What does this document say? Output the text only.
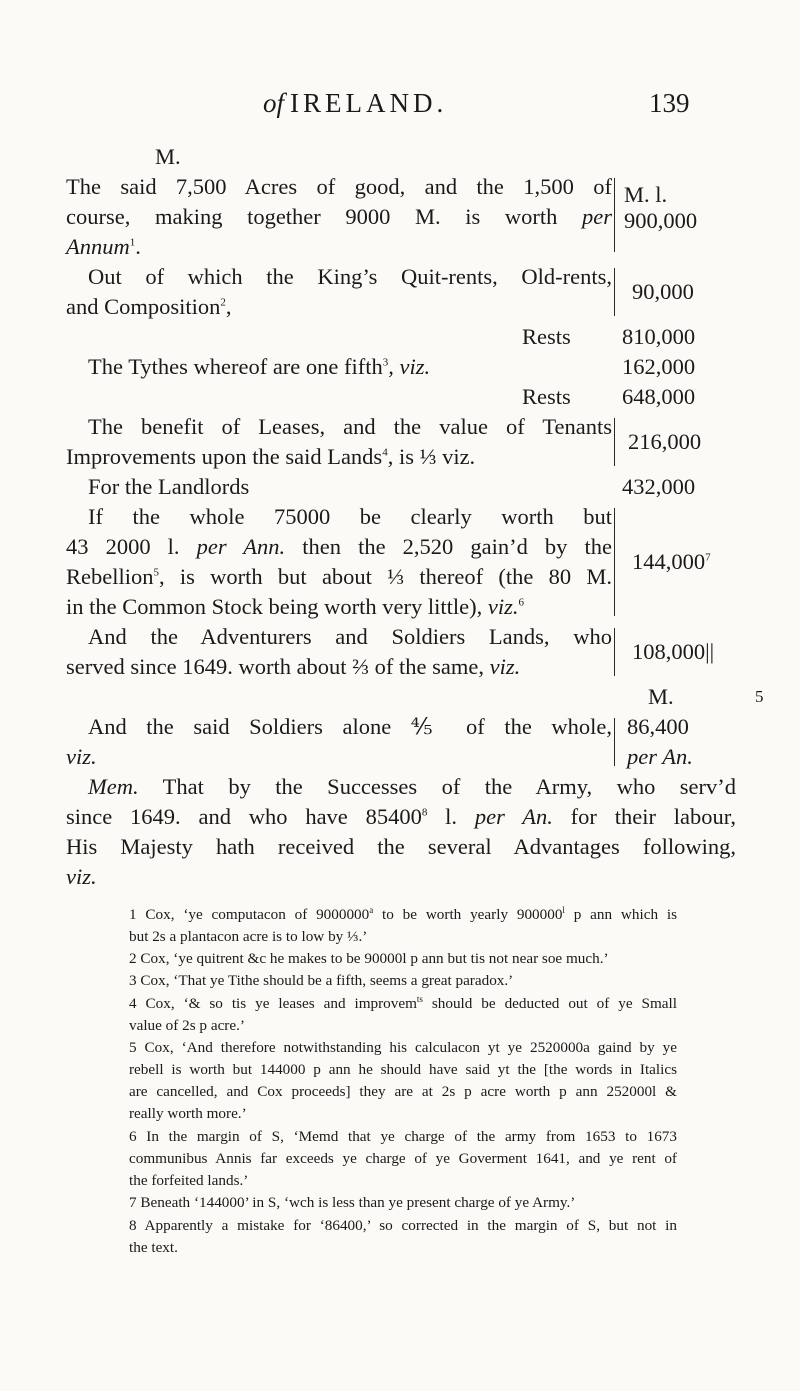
of IRELAND.	139
M.
The said 7,500 Acres of good, and the 1,500 of
course, making together 9000 M. is worth per
Annum$^1$.
Out of which the King’s Quit-rents, Old-rents,
and Composition$^2$,
Rests
The Tythes whereof are one fifth$^3$, viz.
Rests
The benefit of Leases, and the value of Tenants
Improvements upon the said Lands$^4$, is ⅓ viz.
For the Landlords
If the whole 75000 be clearly worth but
43 2000 l. per Ann. then the 2,520 gain’d by the
Rebellion$^5$, is worth but about ⅓ thereof (the 80 M.
in the Common Stock being worth very little), viz.$^6$
And the Adventurers and Soldiers Lands, who
served since 1649. worth about ⅔ of the same, viz.
And the said Soldiers alone ⅘ of the whole,
viz.
Mem. That by the Successes of the Army, who serv’d
since 1649. and who have 85400$^8$ l. per An. for their labour,
His Majesty hath received the several Advantages following,
viz.
M. l.
900,000
90,000
810,000
162,000
648,000
216,000
432,000
144,000$^7$
108,000||
M.	5
86,400
per An.
1 Cox, ‘ye computacon of 9000000$^a$ to be worth yearly 900000$^l$ p ann which is
but 2s a plantacon acre is to low by ⅓.’
2 Cox, ‘ye quitrent &c he makes to be 90000l p ann but tis not near soe much.’
3 Cox, ‘That ye Tithe should be a fifth, seems a great paradox.’
4 Cox, ‘& so tis ye leases and improvem$^{ts}$ should be deducted out of ye Small
value of 2s p acre.’
5 Cox, ‘And therefore notwithstanding his calculacon yt ye 2520000a gaind by ye
rebell is worth but 144000 p ann he should have said yt the [the words in Italics
are cancelled, and Cox proceeds] they are at 2s p acre worth p ann 252000l &
really worth more.’
6 In the margin of S, ‘Memd that ye charge of the army from 1653 to 1673
communibus Annis far exceeds ye charge of ye Goverment 1641, and ye rent of
the forfeited lands.’
7 Beneath ‘144000’ in S, ‘wch is less than ye present charge of ye Army.’
8 Apparently a mistake for ‘86400,’ so corrected in the margin of S, but not in
the text.
